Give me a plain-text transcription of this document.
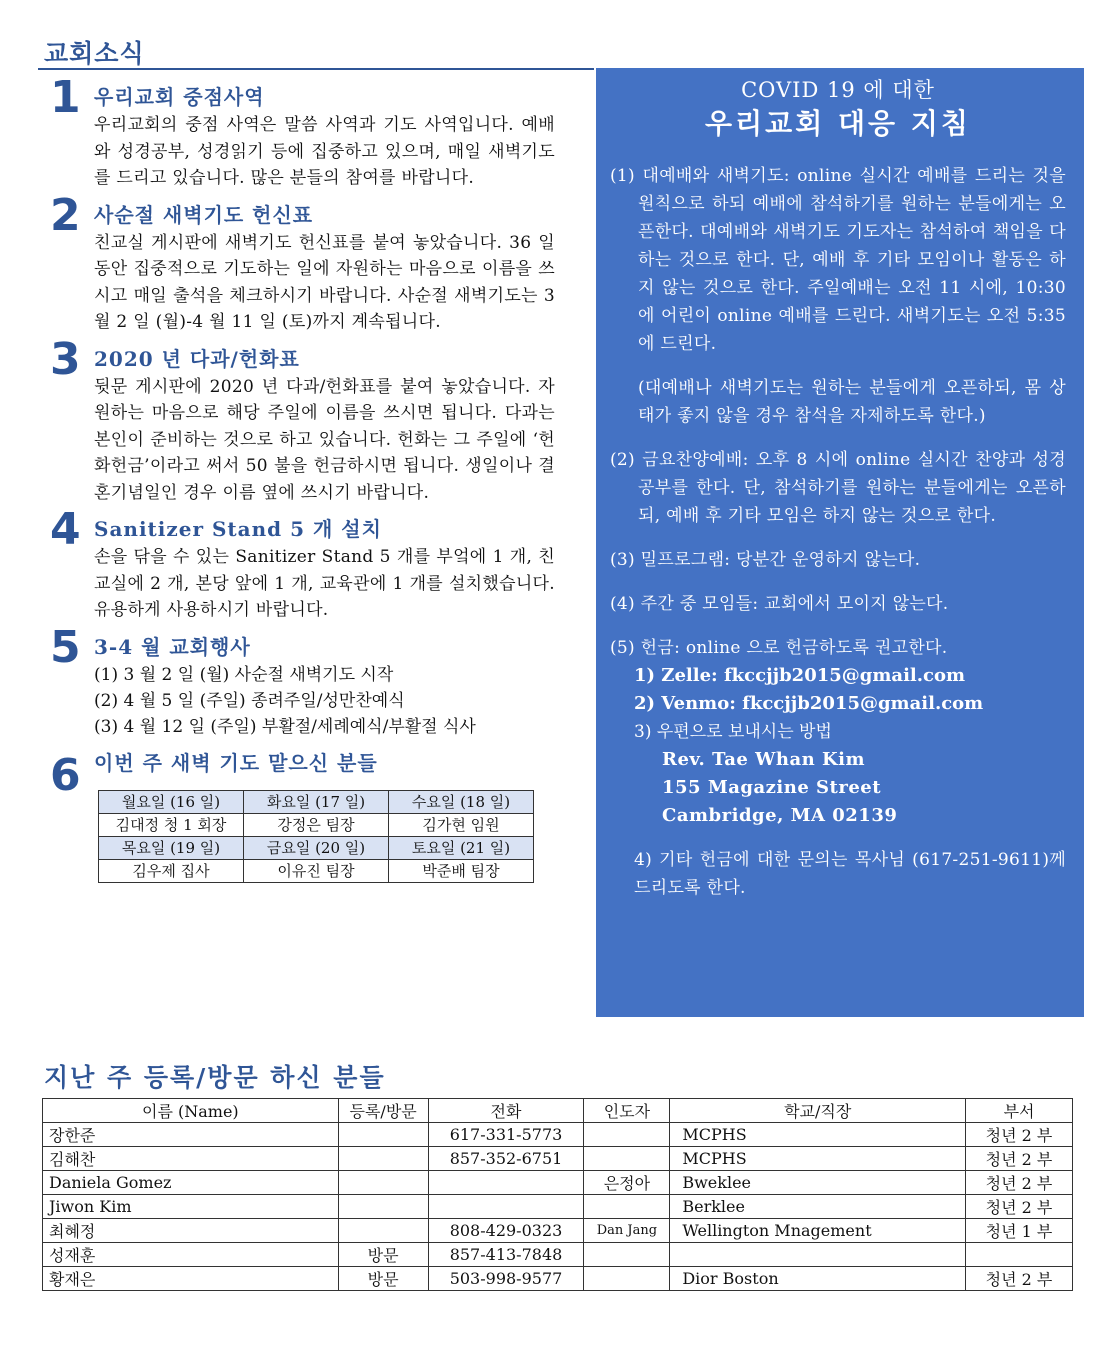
교회소식
1 우리교회 중점사역
우리교회의 중점 사역은 말씀 사역과 기도 사역입니다. 예배와 성경공부, 성경읽기 등에 집중하고 있으며, 매일 새벽기도를 드리고 있습니다. 많은 분들의 참여를 바랍니다.
2 사순절 새벽기도 헌신표
친교실 게시판에 새벽기도 헌신표를 붙여 놓았습니다. 36 일 동안 집중적으로 기도하는 일에 자원하는 마음으로 이름을 쓰시고 매일 출석을 체크하시기 바랍니다. 사순절 새벽기도는 3 월 2 일 (월)-4 월 11 일 (토)까지 계속됩니다.
3 2020 년 다과/헌화표
뒷문 게시판에 2020 년 다과/헌화표를 붙여 놓았습니다. 자원하는 마음으로 해당 주일에 이름을 쓰시면 됩니다. 다과는 본인이 준비하는 것으로 하고 있습니다. 헌화는 그 주일에 ‘헌화헌금’이라고 써서 50 불을 헌금하시면 됩니다. 생일이나 결혼기념일인 경우 이름 옆에 쓰시기 바랍니다.
4 Sanitizer Stand 5 개 설치
손을 닦을 수 있는 Sanitizer Stand 5 개를 부엌에 1 개, 친교실에 2 개, 본당 앞에 1 개, 교육관에 1 개를 설치했습니다. 유용하게 사용하시기 바랍니다.
5 3-4 월 교회행사
(1) 3 월 2 일 (월) 사순절 새벽기도 시작
(2) 4 월 5 일 (주일) 종려주일/성만찬예식
(3) 4 월 12 일 (주일) 부활절/세례예식/부활절 식사
6 이번 주 새벽 기도 맡으신 분들
월요일 (16 일)	화요일 (17 일)	수요일 (18 일)
김대정 청 1 회장	강정은 팀장	김가현 임원
목요일 (19 일)	금요일 (20 일)	토요일 (21 일)
김우제 집사	이유진 팀장	박준배 팀장
COVID 19 에 대한
우리교회 대응 지침
(1) 대예배와 새벽기도: online 실시간 예배를 드리는 것을 원칙으로 하되 예배에 참석하기를 원하는 분들에게는 오픈한다. 대예배와 새벽기도 기도자는 참석하여 책임을 다하는 것으로 한다. 단, 예배 후 기타 모임이나 활동은 하지 않는 것으로 한다. 주일예배는 오전 11 시에, 10:30 에 어린이 online 예배를 드린다. 새벽기도는 오전 5:35 에 드린다.
(대예배나 새벽기도는 원하는 분들에게 오픈하되, 몸 상태가 좋지 않을 경우 참석을 자제하도록 한다.)
(2) 금요찬양예배: 오후 8 시에 online 실시간 찬양과 성경공부를 한다. 단, 참석하기를 원하는 분들에게는 오픈하되, 예배 후 기타 모임은 하지 않는 것으로 한다.
(3) 밀프로그램: 당분간 운영하지 않는다.
(4) 주간 중 모임들: 교회에서 모이지 않는다.
(5) 헌금: online 으로 헌금하도록 권고한다.
1) Zelle: fkccjjb2015@gmail.com
2) Venmo: fkccjjb2015@gmail.com
3) 우편으로 보내시는 방법
Rev. Tae Whan Kim
155 Magazine Street
Cambridge, MA 02139
4) 기타 헌금에 대한 문의는 목사님 (617-251-9611)께 드리도록 한다.
지난 주 등록/방문 하신 분들
이름 (Name)	등록/방문	전화	인도자	학교/직장	부서
장한준		617-331-5773		MCPHS	청년 2 부
김해찬		857-352-6751		MCPHS	청년 2 부
Daniela Gomez			은정아	Bweklee	청년 2 부
Jiwon Kim				Berklee	청년 2 부
최혜정		808-429-0323	Dan Jang	Wellington Mnagement	청년 1 부
성재훈	방문	857-413-7848			
황재은	방문	503-998-9577		Dior Boston	청년 2 부
